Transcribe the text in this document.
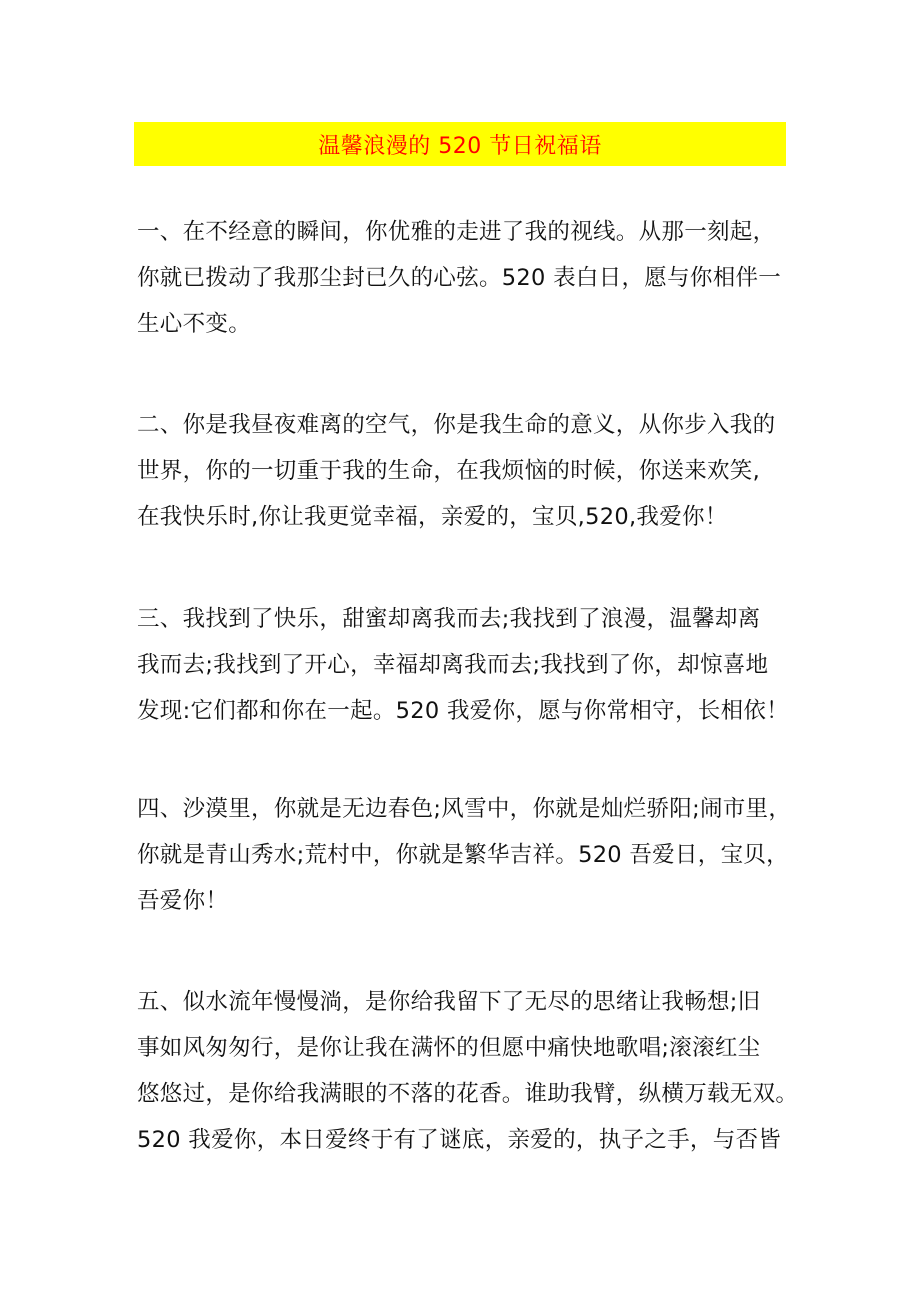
温馨浪漫的 520 节日祝福语
一、在不经意的瞬间，你优雅的走进了我的视线。从那一刻起，
你就已拨动了我那尘封已久的心弦。520 表白日，愿与你相伴一
生心不变。
二、你是我昼夜难离的空气，你是我生命的意义，从你步入我的
世界，你的一切重于我的生命，在我烦恼的时候，你送来欢笑,
在我快乐时,你让我更觉幸福，亲爱的，宝贝,520,我爱你！
三、我找到了快乐，甜蜜却离我而去;我找到了浪漫，温馨却离
我而去;我找到了开心，幸福却离我而去;我找到了你，却惊喜地
发现:它们都和你在一起。520 我爱你，愿与你常相守，长相依！
四、沙漠里，你就是无边春色;风雪中，你就是灿烂骄阳;闹市里，
你就是青山秀水;荒村中，你就是繁华吉祥。520 吾爱日，宝贝，
吾爱你！
五、似水流年慢慢淌，是你给我留下了无尽的思绪让我畅想;旧
事如风匆匆行，是你让我在满怀的但愿中痛快地歌唱;滚滚红尘
悠悠过，是你给我满眼的不落的花香。谁助我臂，纵横万载无双。
520 我爱你，本日爱终于有了谜底，亲爱的，执子之手，与否皆
